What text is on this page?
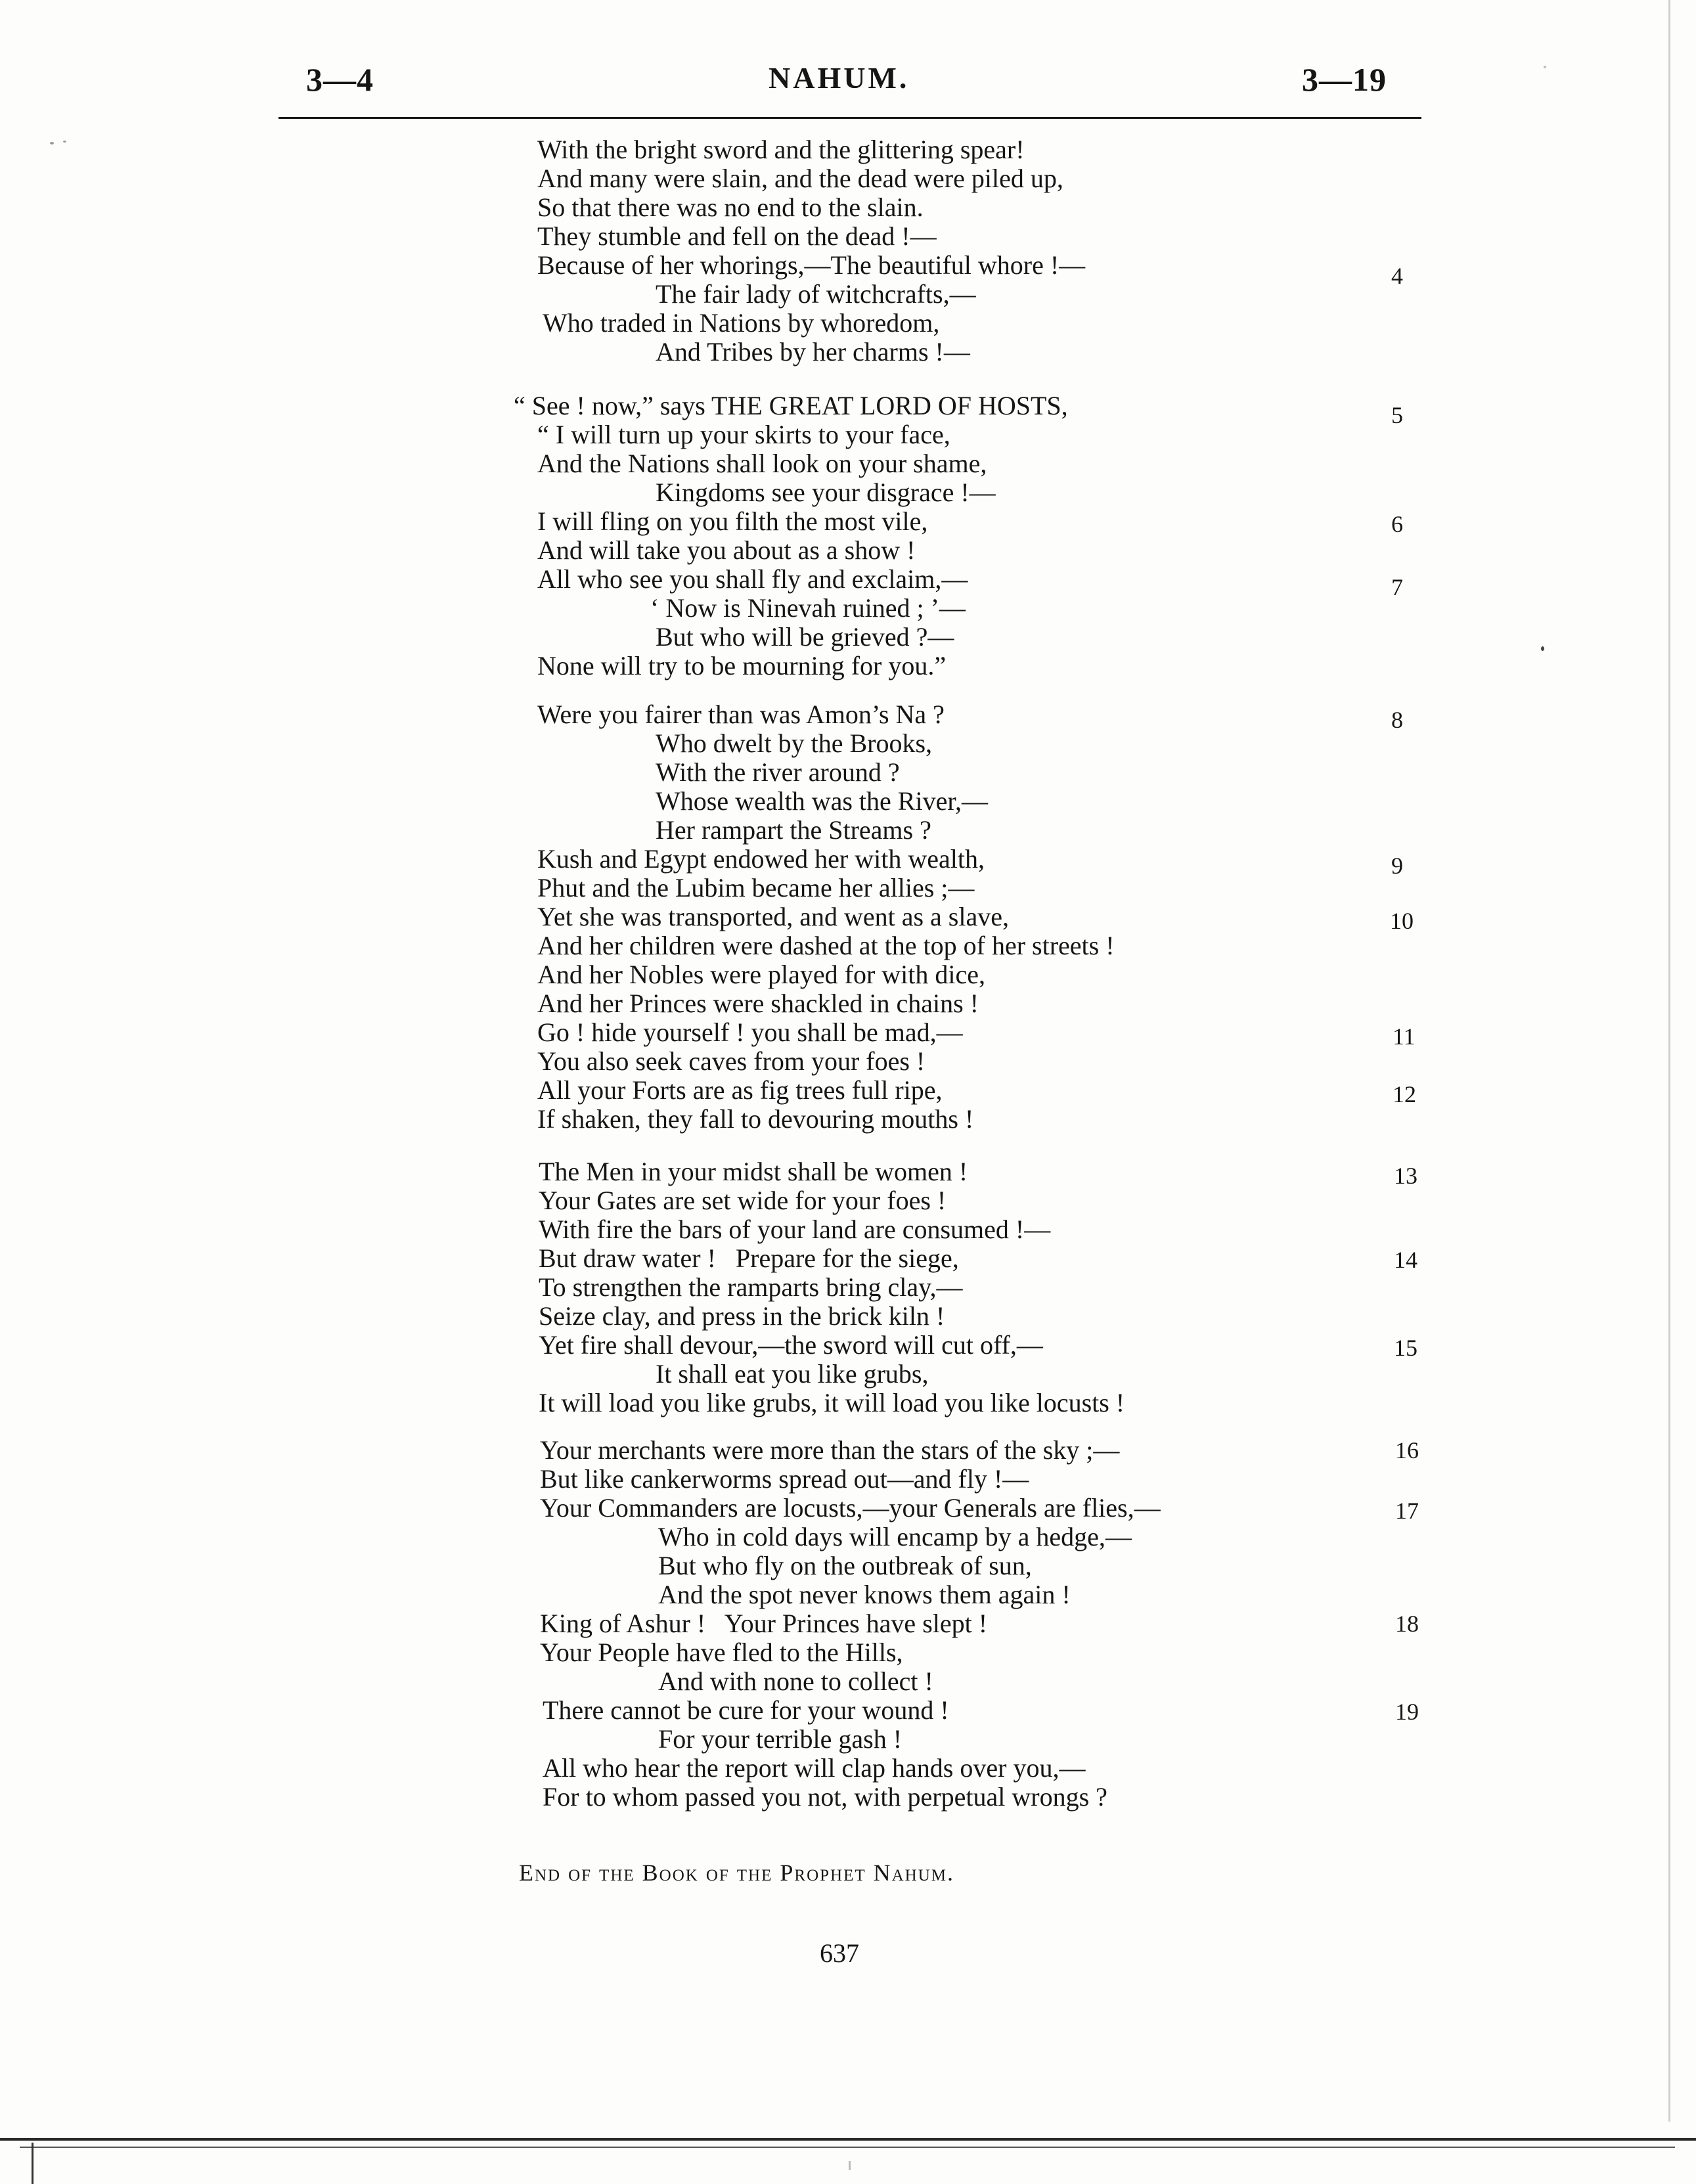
3—4	NAHUM.	3—19
With the bright sword and the glittering spear!
And many were slain, and the dead were piled up,
So that there was no end to the slain.
They stumble and fell on the dead !—
Because of her whorings,—The beautiful whore !—
The fair lady of witchcrafts,—
Who traded in Nations by whoredom,
And Tribes by her charms !—
“ See ! now,” says THE GREAT LORD OF HOSTS,
“ I will turn up your skirts to your face,
And the Nations shall look on your shame,
Kingdoms see your disgrace !—
I will fling on you filth the most vile,
And will take you about as a show !
All who see you shall fly and exclaim,—
‘ Now is Ninevah ruined ; ’—
But who will be grieved ?—
None will try to be mourning for you.”
Were you fairer than was Amon’s Na ?
Who dwelt by the Brooks,
With the river around ?
Whose wealth was the River,—
Her rampart the Streams ?
Kush and Egypt endowed her with wealth,
Phut and the Lubim became her allies ;—
Yet she was transported, and went as a slave,
And her children were dashed at the top of her streets !
And her Nobles were played for with dice,
And her Princes were shackled in chains !
Go ! hide yourself ! you shall be mad,—
You also seek caves from your foes !
All your Forts are as fig trees full ripe,
If shaken, they fall to devouring mouths !
The Men in your midst shall be women !
Your Gates are set wide for your foes !
With fire the bars of your land are consumed !—
But draw water !   Prepare for the siege,
To strengthen the ramparts bring clay,—
Seize clay, and press in the brick kiln !
Yet fire shall devour,—the sword will cut off,—
It shall eat you like grubs,
It will load you like grubs, it will load you like locusts !
Your merchants were more than the stars of the sky ;—
But like cankerworms spread out—and fly !—
Your Commanders are locusts,—your Generals are flies,—
Who in cold days will encamp by a hedge,—
But who fly on the outbreak of sun,
And the spot never knows them again !
King of Ashur !   Your Princes have slept !
Your People have fled to the Hills,
And with none to collect !
There cannot be cure for your wound !
For your terrible gash !
All who hear the report will clap hands over you,—
For to whom passed you not, with perpetual wrongs ?
4
5
6
7
8
9
10
11
12
13
14
15
16
17
18
19
End of the Book of the Prophet Nahum.
637
